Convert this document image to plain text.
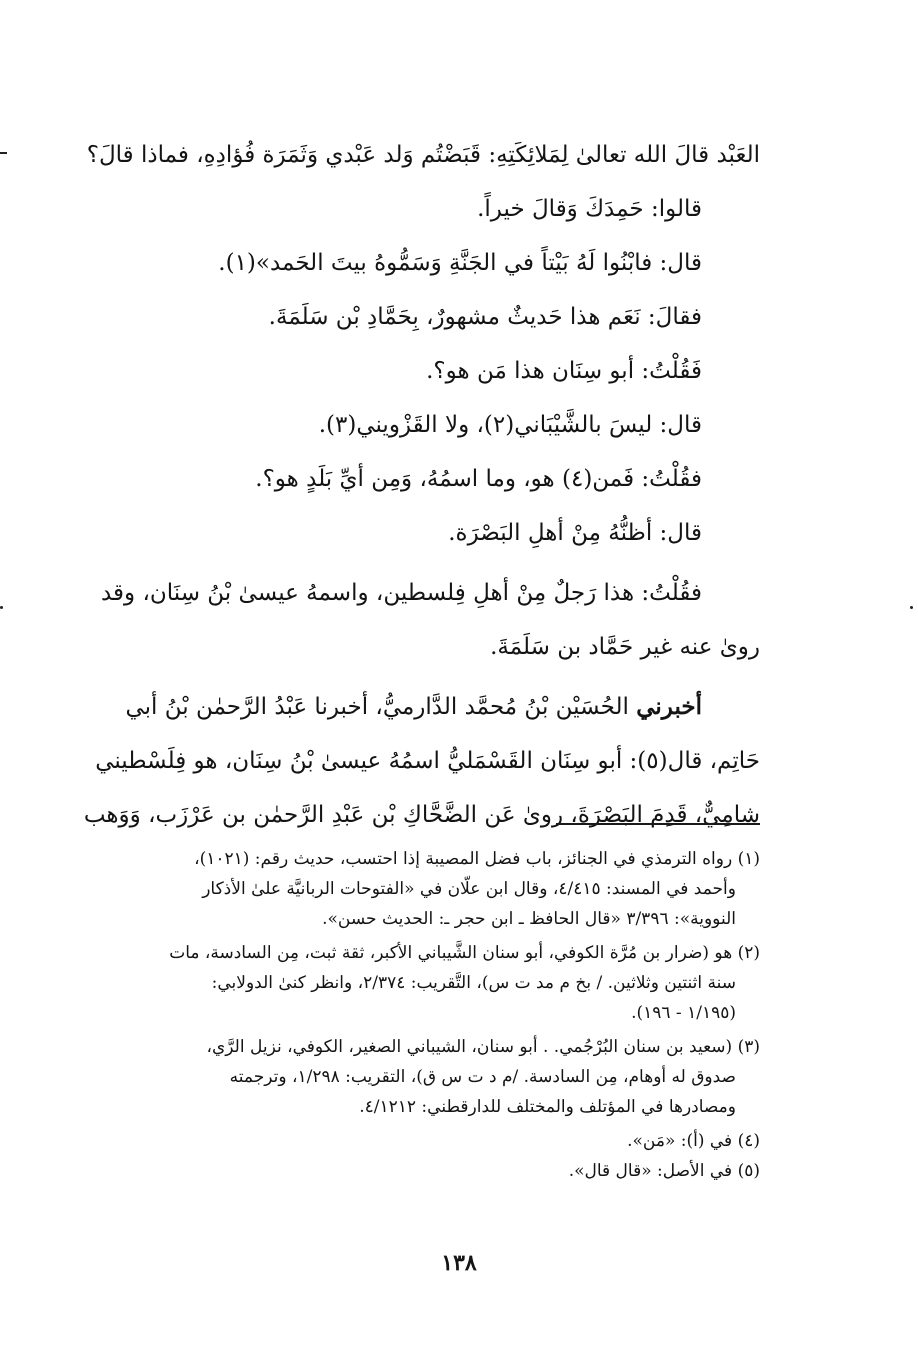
العَبْد قالَ الله تعالىٰ لِمَلائِكَتِهِ: قَبَضْتُم وَلد عَبْدي وَثَمَرَة فُؤادِهِ، فماذا قالَ؟
قالوا: حَمِدَكَ وَقالَ خيراً.
قال: فابْنُوا لَهُ بَيْتاً في الجَنَّةِ وَسَمُّوهُ بيتَ الحَمد»(١).
فقالَ: نَعَم هذا حَديثٌ مشهورٌ، بِحَمَّادِ بْن سَلَمَةَ.
فَقُلْتُ: أبو سِنَان هذا مَن هو؟.
قال: ليسَ بالشَّيْبَاني(٢)، ولا القَزْويني(٣).
فقُلْتُ: فَمن(٤) هو، وما اسمُهُ، وَمِن أيِّ بَلَدٍ هو؟.
قال: أظنُّهُ مِنْ أهلِ البَصْرَة.
فقُلْتُ: هذا رَجلٌ مِنْ أهلِ فِلسطين، واسمهُ عيسىٰ بْنُ سِنَان، وقد
رویٰ عنه غیر حَمَّاد بن سَلَمَةَ.
أخبرني الحُسَيْن بْنُ مُحمَّد الدَّارميُّ، أخبرنا عَبْدُ الرَّحمٰن بْنُ أبي
حَاتِم، قال(٥): أبو سِنَان القَسْمَليُّ اسمُهُ عيسىٰ بْنُ سِنَان، هو فِلَسْطيني
شامِيٌّ، قَدِمَ البَصْرَةَ، رویٰ عَن الضَّحَّاكِ بْن عَبْدِ الرَّحمٰن بن عَرْزَب، وَوَهب
(١) رواه الترمذي في الجنائز، باب فضل المصيبة إذا احتسب، حديث رقم: (١٠٢١)،
وأحمد في المسند: ٤/٤١٥، وقال ابن علّان في «الفتوحات الربانيَّة علىٰ الأذكار
النووية»: ٣/٣٩٦ «قال الحافظ ـ ابن حجر ـ: الحديث حسن».
(٢) هو (ضرار بن مُرَّة الكوفي، أبو سنان الشَّيباني الأكبر، ثقة ثبت، مِن السادسة، مات
سنة اثنتين وثلاثين. / بخ م مد ت س)، التَّقريب: ٢/٣٧٤، وانظر كنىٰ الدولابي:
(١/١٩٥ - ١٩٦).
(٣) (سعيد بن سنان البُرْجُمي. . أبو سنان، الشيباني الصغير، الكوفي، نزيل الرَّي،
صدوق له أوهام، مِن السادسة. /م د ت س ق)، التقريب: ١/٢٩٨، وترجمته
ومصادرها في المؤتلف والمختلف للدارقطني: ٤/١٢١٢.
(٤) في (أ): «مَن».
(٥) في الأصل: «قال قال».
١٣٨
